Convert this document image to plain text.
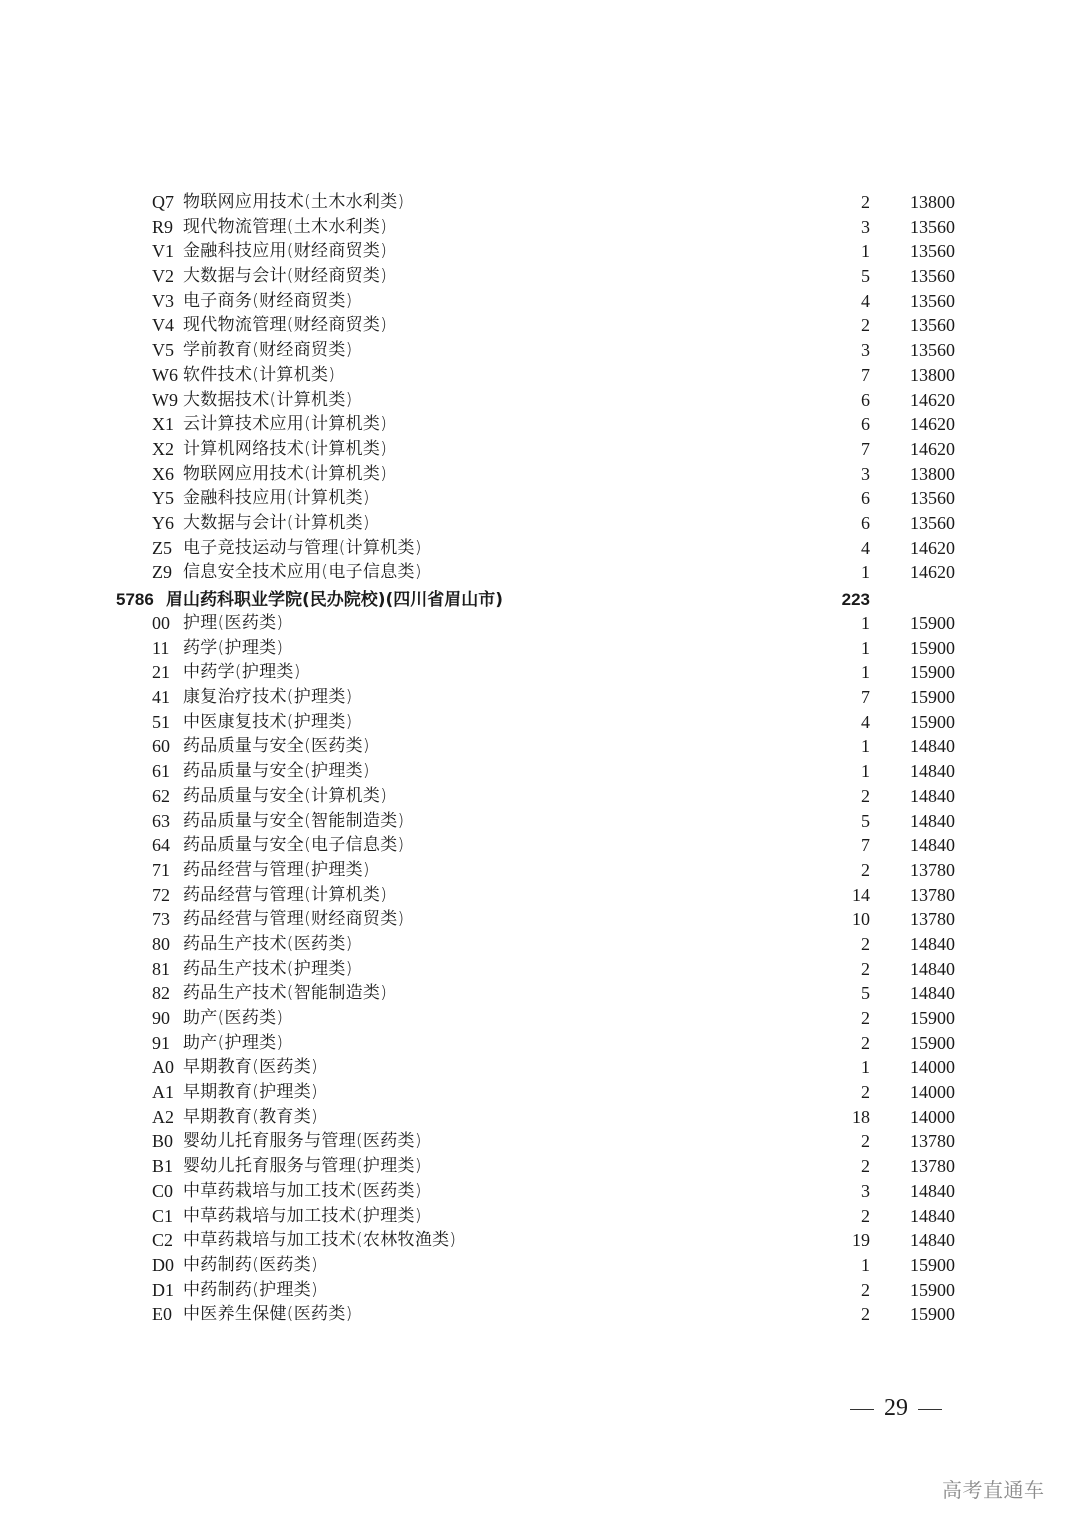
Q7 物联网应用技术(土木水利类)	2	13800
R9 现代物流管理(土木水利类)	3	13560
V1 金融科技应用(财经商贸类)	1	13560
V2 大数据与会计(财经商贸类)	5	13560
V3 电子商务(财经商贸类)	4	13560
V4 现代物流管理(财经商贸类)	2	13560
V5 学前教育(财经商贸类)	3	13560
W6 软件技术(计算机类)	7	13800
W9 大数据技术(计算机类)	6	14620
X1 云计算技术应用(计算机类)	6	14620
X2 计算机网络技术(计算机类)	7	14620
X6 物联网应用技术(计算机类)	3	13800
Y5 金融科技应用(计算机类)	6	13560
Y6 大数据与会计(计算机类)	6	13560
Z5 电子竞技运动与管理(计算机类)	4	14620
Z9 信息安全技术应用(电子信息类)	1	14620
5786 眉山药科职业学院(民办院校)(四川省眉山市)	223
00 护理(医药类)	1	15900
11 药学(护理类)	1	15900
21 中药学(护理类)	1	15900
41 康复治疗技术(护理类)	7	15900
51 中医康复技术(护理类)	4	15900
60 药品质量与安全(医药类)	1	14840
61 药品质量与安全(护理类)	1	14840
62 药品质量与安全(计算机类)	2	14840
63 药品质量与安全(智能制造类)	5	14840
64 药品质量与安全(电子信息类)	7	14840
71 药品经营与管理(护理类)	2	13780
72 药品经营与管理(计算机类)	14	13780
73 药品经营与管理(财经商贸类)	10	13780
80 药品生产技术(医药类)	2	14840
81 药品生产技术(护理类)	2	14840
82 药品生产技术(智能制造类)	5	14840
90 助产(医药类)	2	15900
91 助产(护理类)	2	15900
A0 早期教育(医药类)	1	14000
A1 早期教育(护理类)	2	14000
A2 早期教育(教育类)	18	14000
B0 婴幼儿托育服务与管理(医药类)	2	13780
B1 婴幼儿托育服务与管理(护理类)	2	13780
C0 中草药栽培与加工技术(医药类)	3	14840
C1 中草药栽培与加工技术(护理类)	2	14840
C2 中草药栽培与加工技术(农林牧渔类)	19	14840
D0 中药制药(医药类)	1	15900
D1 中药制药(护理类)	2	15900
E0 中医养生保健(医药类)	2	15900
29
高考直通车
